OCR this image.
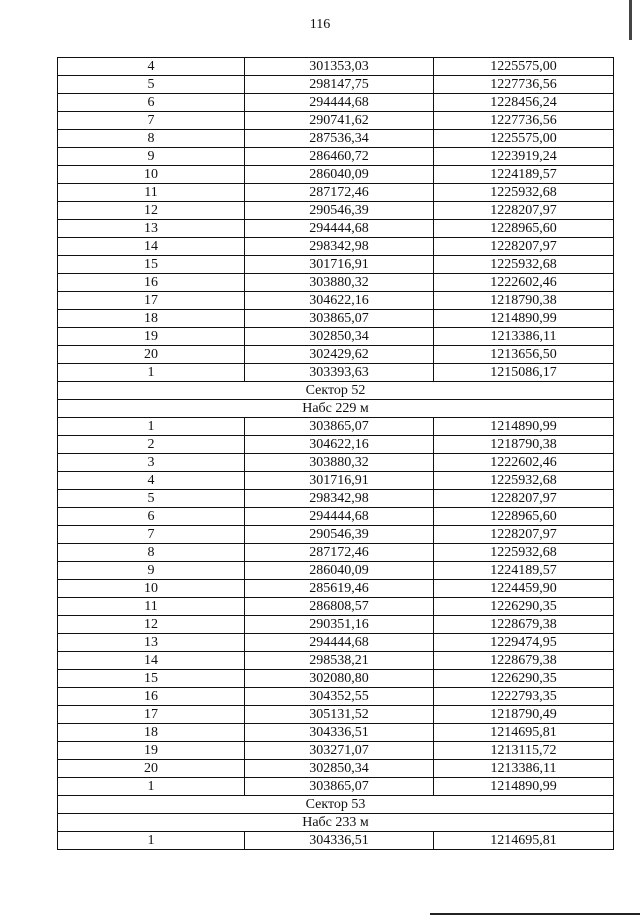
116
4	301353,03	1225575,00
5	298147,75	1227736,56
6	294444,68	1228456,24
7	290741,62	1227736,56
8	287536,34	1225575,00
9	286460,72	1223919,24
10	286040,09	1224189,57
11	287172,46	1225932,68
12	290546,39	1228207,97
13	294444,68	1228965,60
14	298342,98	1228207,97
15	301716,91	1225932,68
16	303880,32	1222602,46
17	304622,16	1218790,38
18	303865,07	1214890,99
19	302850,34	1213386,11
20	302429,62	1213656,50
1	303393,63	1215086,17
Сектор 52		
Набс 229 м		
1	303865,07	1214890,99
2	304622,16	1218790,38
3	303880,32	1222602,46
4	301716,91	1225932,68
5	298342,98	1228207,97
6	294444,68	1228965,60
7	290546,39	1228207,97
8	287172,46	1225932,68
9	286040,09	1224189,57
10	285619,46	1224459,90
11	286808,57	1226290,35
12	290351,16	1228679,38
13	294444,68	1229474,95
14	298538,21	1228679,38
15	302080,80	1226290,35
16	304352,55	1222793,35
17	305131,52	1218790,49
18	304336,51	1214695,81
19	303271,07	1213115,72
20	302850,34	1213386,11
1	303865,07	1214890,99
Сектор 53		
Набс 233 м		
1	304336,51	1214695,81
